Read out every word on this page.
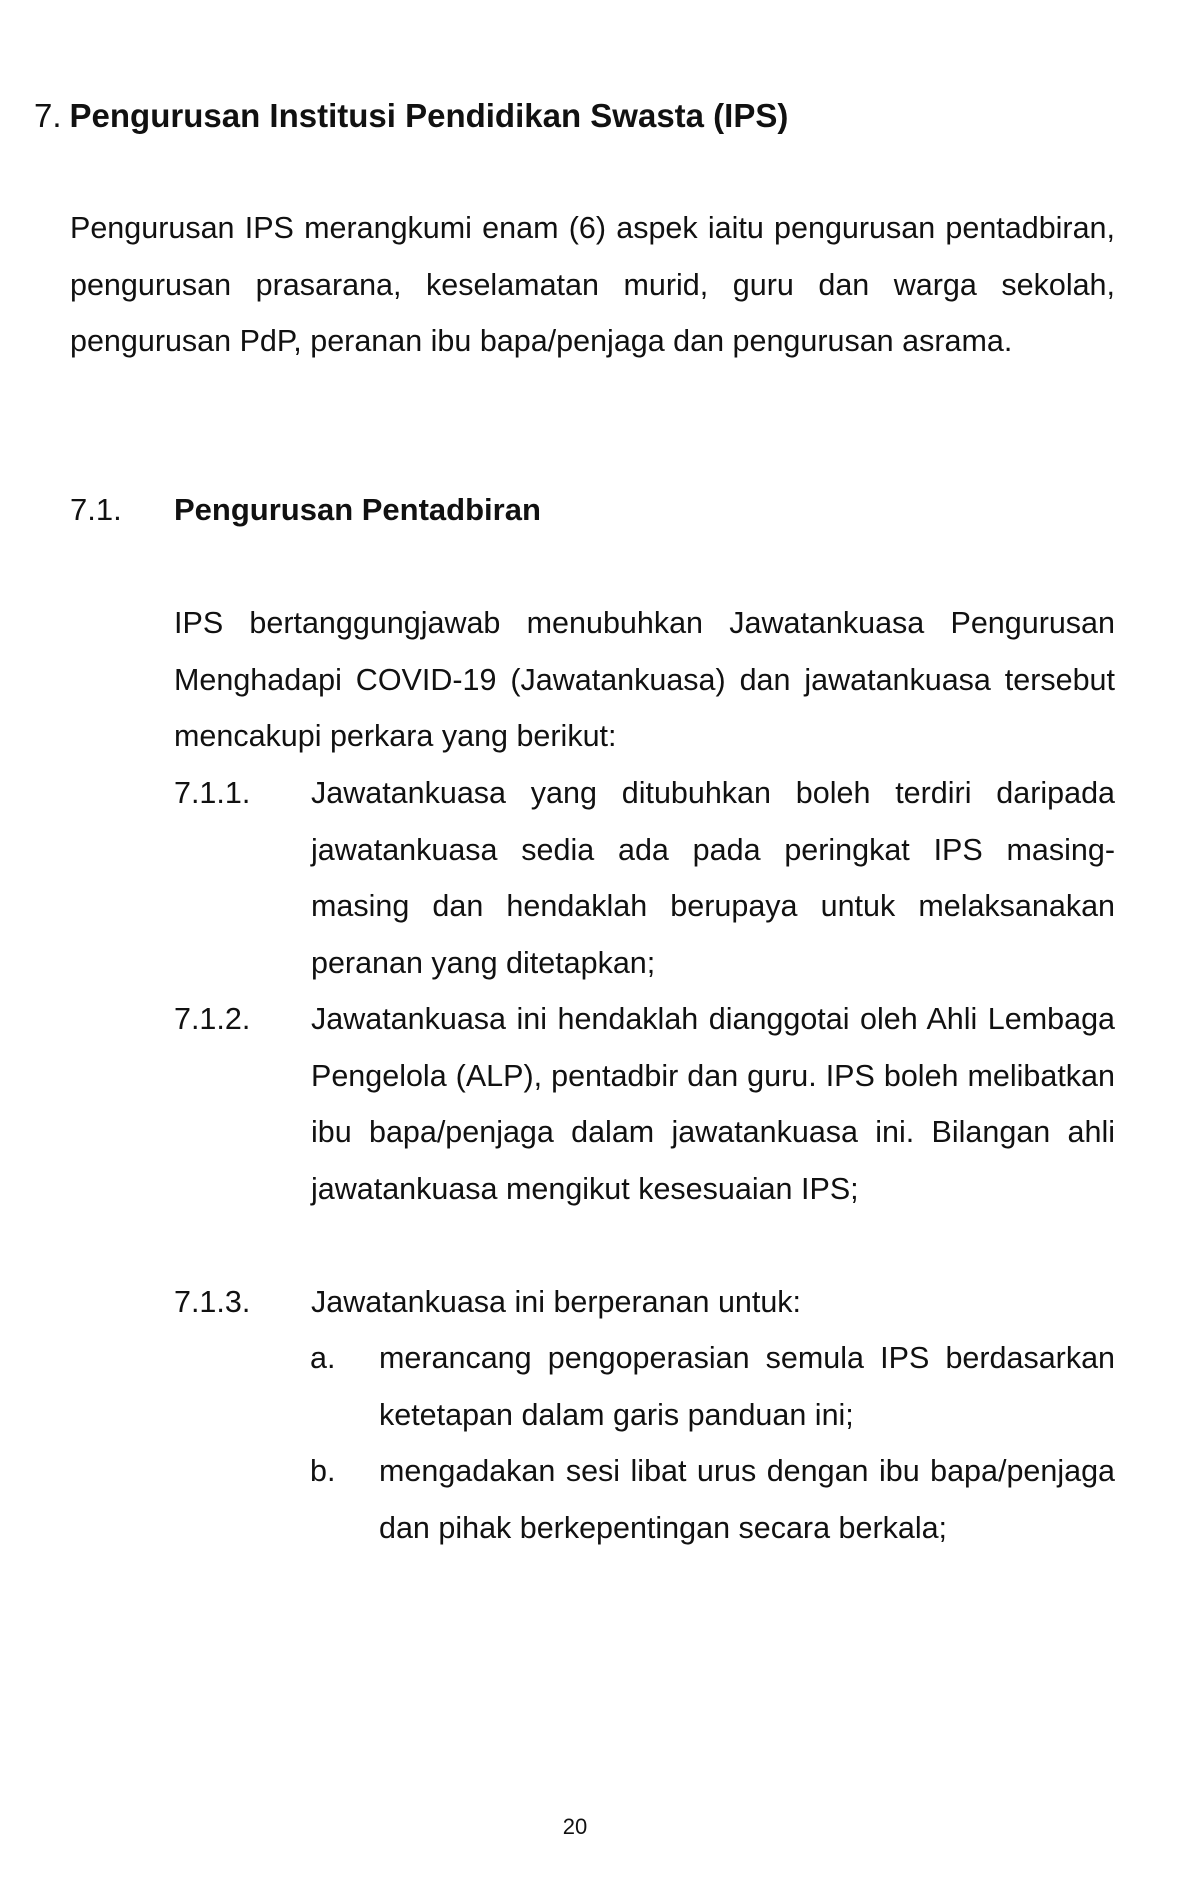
7. Pengurusan Institusi Pendidikan Swasta (IPS)
Pengurusan IPS merangkumi enam (6) aspek iaitu pengurusan pentadbiran, pengurusan prasarana, keselamatan murid, guru dan warga sekolah, pengurusan PdP, peranan ibu bapa/penjaga dan pengurusan asrama.
7.1. Pengurusan Pentadbiran
IPS bertanggungjawab menubuhkan Jawatankuasa Pengurusan Menghadapi COVID-19 (Jawatankuasa) dan jawatankuasa tersebut mencakupi perkara yang berikut:
7.1.1. Jawatankuasa yang ditubuhkan boleh terdiri daripada jawatankuasa sedia ada pada peringkat IPS masing-masing dan hendaklah berupaya untuk melaksanakan peranan yang ditetapkan;
7.1.2. Jawatankuasa ini hendaklah dianggotai oleh Ahli Lembaga Pengelola (ALP), pentadbir dan guru. IPS boleh melibatkan ibu bapa/penjaga dalam jawatankuasa ini. Bilangan ahli jawatankuasa mengikut kesesuaian IPS;
7.1.3. Jawatankuasa ini berperanan untuk:
a. merancang pengoperasian semula IPS berdasarkan ketetapan dalam garis panduan ini;
b. mengadakan sesi libat urus dengan ibu bapa/penjaga dan pihak berkepentingan secara berkala;
20
